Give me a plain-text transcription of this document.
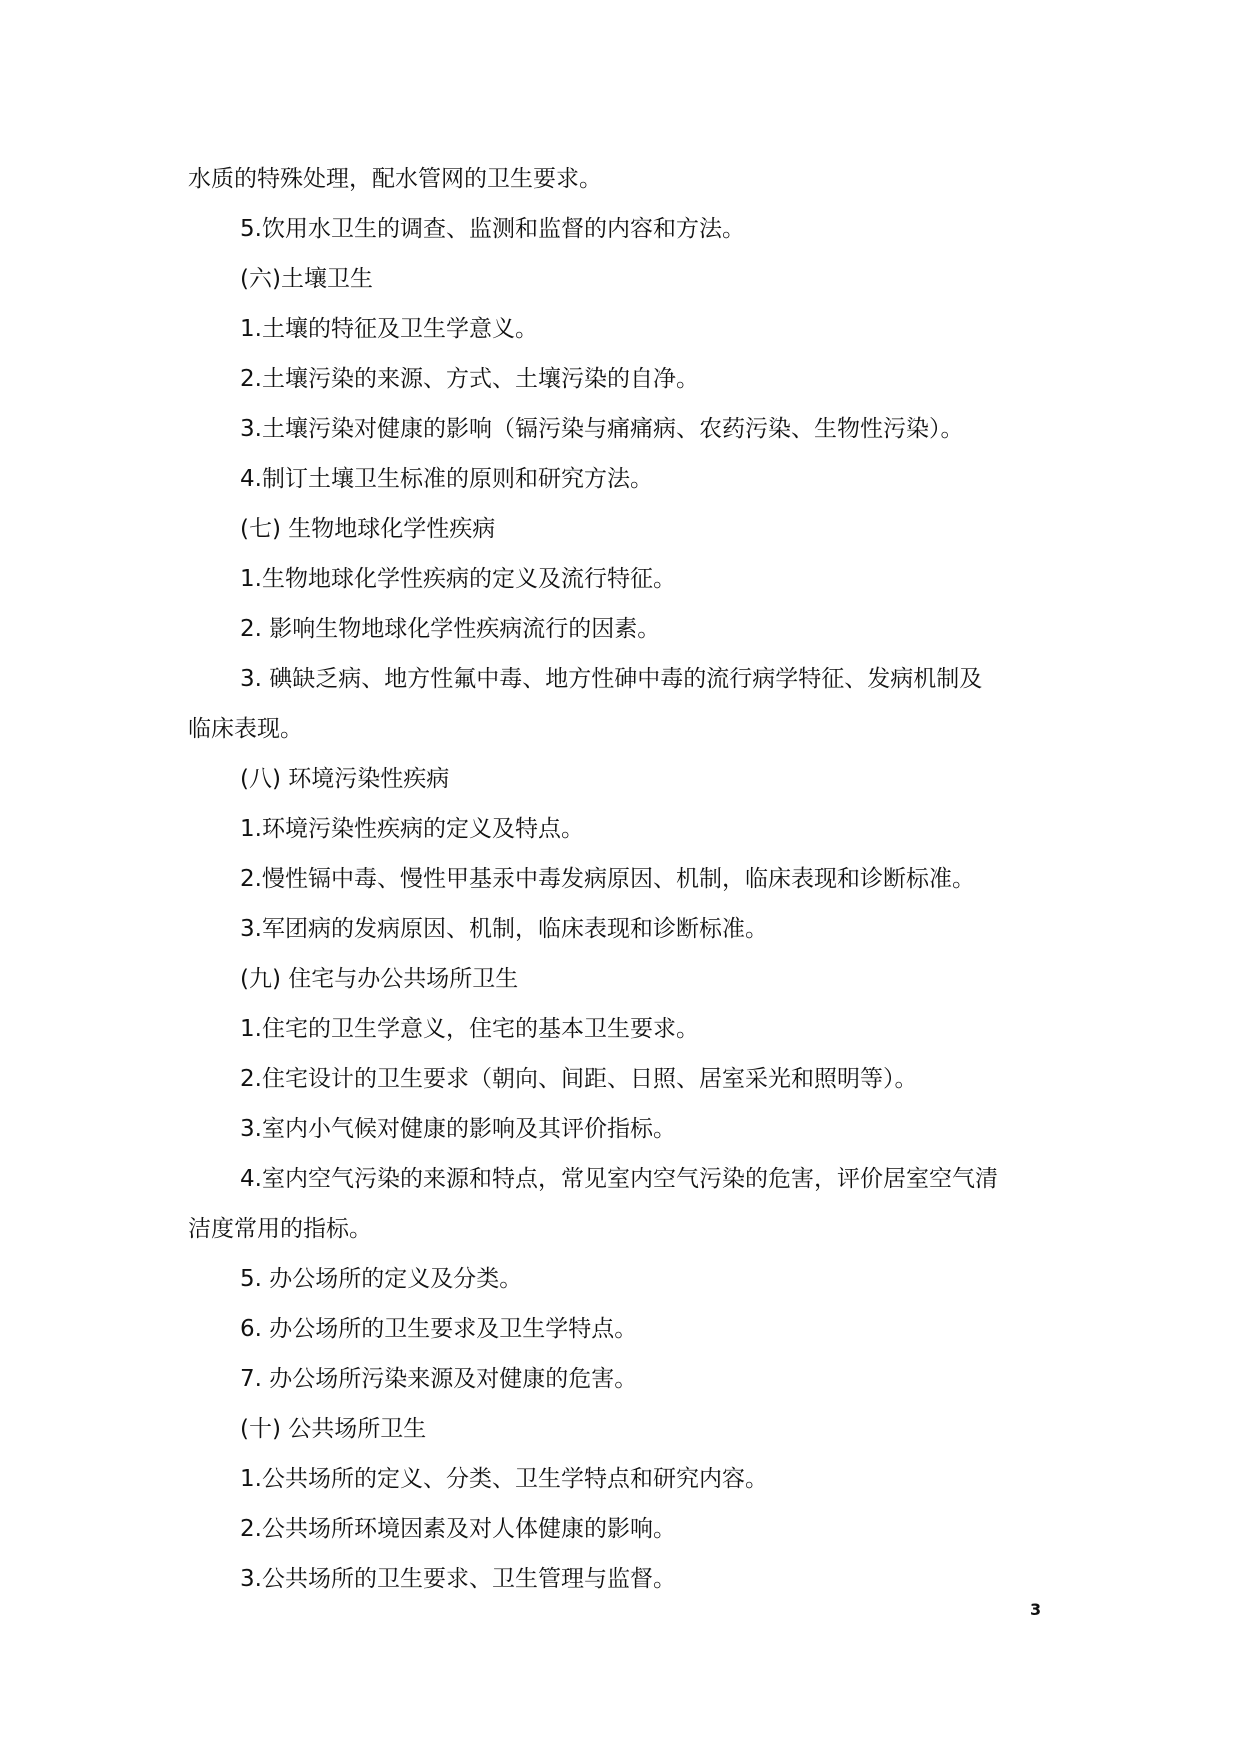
水质的特殊处理，配水管网的卫生要求。
5.饮用水卫生的调查、监测和监督的内容和方法。
(六)土壤卫生
1.土壤的特征及卫生学意义。
2.土壤污染的来源、方式、土壤污染的自净。
3.土壤污染对健康的影响（镉污染与痛痛病、农药污染、生物性污染）。
4.制订土壤卫生标准的原则和研究方法。
(七) 生物地球化学性疾病
1.生物地球化学性疾病的定义及流行特征。
2. 影响生物地球化学性疾病流行的因素。
3. 碘缺乏病、地方性氟中毒、地方性砷中毒的流行病学特征、发病机制及
临床表现。
(八) 环境污染性疾病
1.环境污染性疾病的定义及特点。
2.慢性镉中毒、慢性甲基汞中毒发病原因、机制，临床表现和诊断标准。
3.军团病的发病原因、机制，临床表现和诊断标准。
(九) 住宅与办公共场所卫生
1.住宅的卫生学意义，住宅的基本卫生要求。
2.住宅设计的卫生要求（朝向、间距、日照、居室采光和照明等）。
3.室内小气候对健康的影响及其评价指标。
4.室内空气污染的来源和特点，常见室内空气污染的危害，评价居室空气清
洁度常用的指标。
5. 办公场所的定义及分类。
6. 办公场所的卫生要求及卫生学特点。
7. 办公场所污染来源及对健康的危害。
(十) 公共场所卫生
1.公共场所的定义、分类、卫生学特点和研究内容。
2.公共场所环境因素及对人体健康的影响。
3.公共场所的卫生要求、卫生管理与监督。
3
